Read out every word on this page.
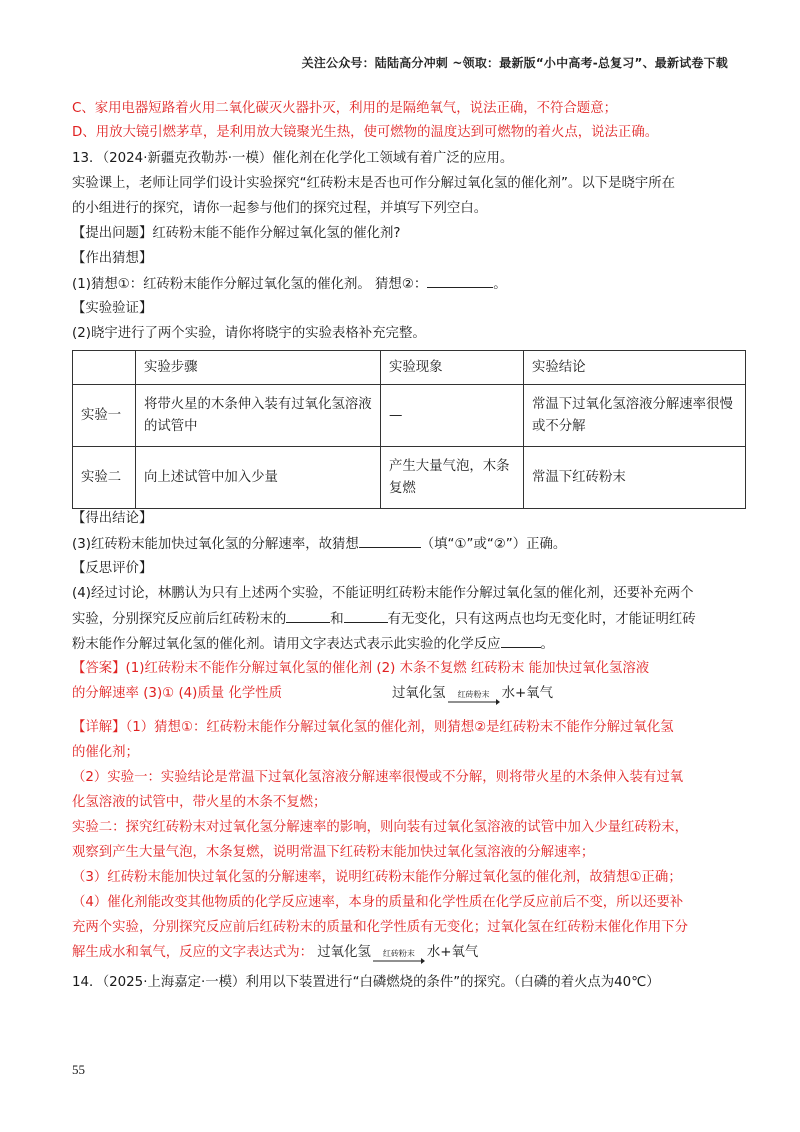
关注公众号：陆陆高分冲刺 ~领取：最新版“小中高考-总复习”、最新试卷下载
C、家用电器短路着火用二氧化碳灭火器扑灭，利用的是隔绝氧气，说法正确，不符合题意；
D、用放大镜引燃茅草，是利用放大镜聚光生热，使可燃物的温度达到可燃物的着火点，说法正确。
13．（2024·新疆克孜勒苏·一模）催化剂在化学化工领域有着广泛的应用。
实验课上，老师让同学们设计实验探究“红砖粉末是否也可作分解过氧化氢的催化剂”。以下是晓宇所在
的小组进行的探究，请你一起参与他们的探究过程，并填写下列空白。
【提出问题】红砖粉末能不能作分解过氧化氢的催化剂?
【作出猜想】
(1)猜想①：红砖粉末能作分解过氧化氢的催化剂。 猜想②：	。
【实验验证】
(2)晓宇进行了两个实验，请你将晓宇的实验表格补充完整。
	实验步骤	实验现象	实验结论
实验一	将带火星的木条伸入装有过氧化氢溶液的试管中	—	常温下过氧化氢溶液分解速率很慢或不分解
实验二	向上述试管中加入少量	产生大量气泡，木条复燃	常温下红砖粉末
【得出结论】
(3)红砖粉末能加快过氧化氢的分解速率，故猜想	（填“①”或“②”）正确。
【反思评价】
(4)经过讨论，林鹏认为只有上述两个实验，不能证明红砖粉末能作分解过氧化氢的催化剂，还要补充两个
实验，分别探究反应前后红砖粉末的	和	有无变化，只有这两点也均无变化时，才能证明红砖
粉末能作分解过氧化氢的催化剂。请用文字表达式表示此实验的化学反应	。
【答案】(1)红砖粉末不能作分解过氧化氢的催化剂 (2) 木条不复燃 红砖粉末 能加快过氧化氢溶液
的分解速率 (3)① (4)质量 化学性质	过氧化氢 红砖粉末 水+氧气
【详解】（1）猜想①：红砖粉末能作分解过氧化氢的催化剂，则猜想②是红砖粉末不能作分解过氧化氢
的催化剂；
（2）实验一：实验结论是常温下过氧化氢溶液分解速率很慢或不分解，则将带火星的木条伸入装有过氧
化氢溶液的试管中，带火星的木条不复燃；
实验二：探究红砖粉末对过氧化氢分解速率的影响，则向装有过氧化氢溶液的试管中加入少量红砖粉末，
观察到产生大量气泡，木条复燃，说明常温下红砖粉末能加快过氧化氢溶液的分解速率；
（3）红砖粉末能加快过氧化氢的分解速率，说明红砖粉末能作分解过氧化氢的催化剂，故猜想①正确；
（4）催化剂能改变其他物质的化学反应速率，本身的质量和化学性质在化学反应前后不变，所以还要补
充两个实验，分别探究反应前后红砖粉末的质量和化学性质有无变化；过氧化氢在红砖粉末催化作用下分
解生成水和氧气，反应的文字表达式为： 过氧化氢 红砖粉末 水+氧气
14．（2025·上海嘉定·一模）利用以下装置进行“白磷燃烧的条件”的探究。（白磷的着火点为40℃）
55
